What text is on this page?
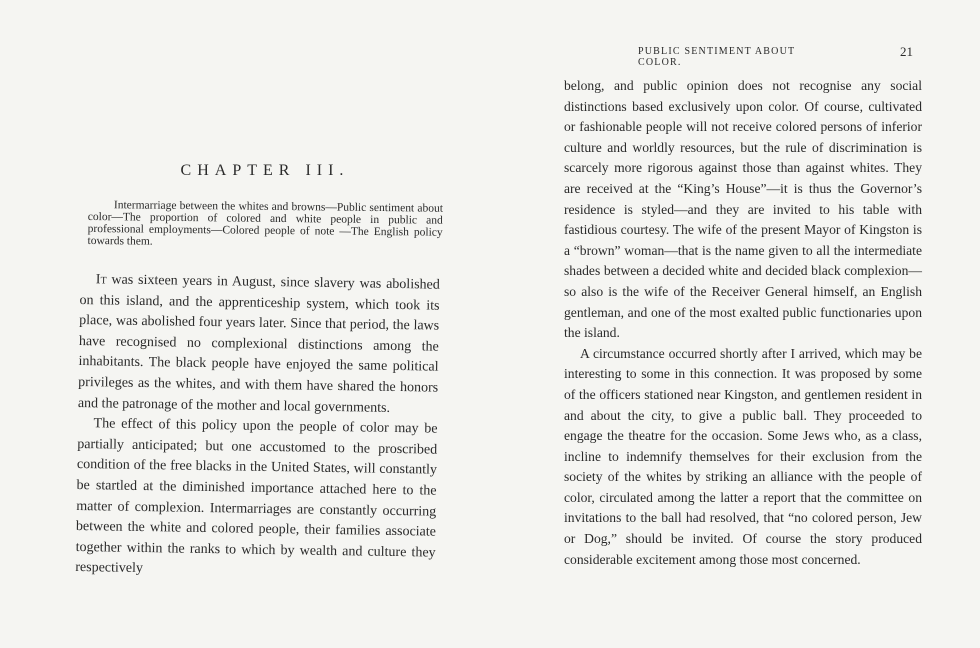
CHAPTER III.

Intermarriage between the whites and browns—Public sentiment about color—The proportion of colored and white people in public and professional employments—Colored people of note —The English policy towards them.

It was sixteen years in August, since slavery was abolished on this island, and the apprenticeship system, which took its place, was abolished four years later. Since that period, the laws have recognised no complexional distinctions among the inhabitants. The black people have enjoyed the same political privileges as the whites, and with them have shared the honors and the patronage of the mother and local governments.

The effect of this policy upon the people of color may be partially anticipated; but one accustomed to the proscribed condition of the free blacks in the United States, will constantly be startled at the diminished importance attached here to the matter of complexion. Intermarriages are constantly occurring between the white and colored people, their families associate together within the ranks to which by wealth and culture they respectively

PUBLIC SENTIMENT ABOUT COLOR.
21

belong, and public opinion does not recognise any social distinctions based exclusively upon color. Of course, cultivated or fashionable people will not receive colored persons of inferior culture and worldly resources, but the rule of discrimination is scarcely more rigorous against those than against whites. They are received at the “King’s House”—it is thus the Governor’s residence is styled—and they are invited to his table with fastidious courtesy. The wife of the present Mayor of Kingston is a “brown” woman—that is the name given to all the intermediate shades between a decided white and decided black complexion—so also is the wife of the Receiver General himself, an English gentleman, and one of the most exalted public functionaries upon the island.

A circumstance occurred shortly after I arrived, which may be interesting to some in this connection. It was proposed by some of the officers stationed near Kingston, and gentlemen resident in and about the city, to give a public ball. They proceeded to engage the theatre for the occasion. Some Jews who, as a class, incline to indemnify themselves for their exclusion from the society of the whites by striking an alliance with the people of color, circulated among the latter a report that the committee on invitations to the ball had resolved, that “no colored person, Jew or Dog,” should be invited. Of course the story produced considerable excitement among those most concerned.
